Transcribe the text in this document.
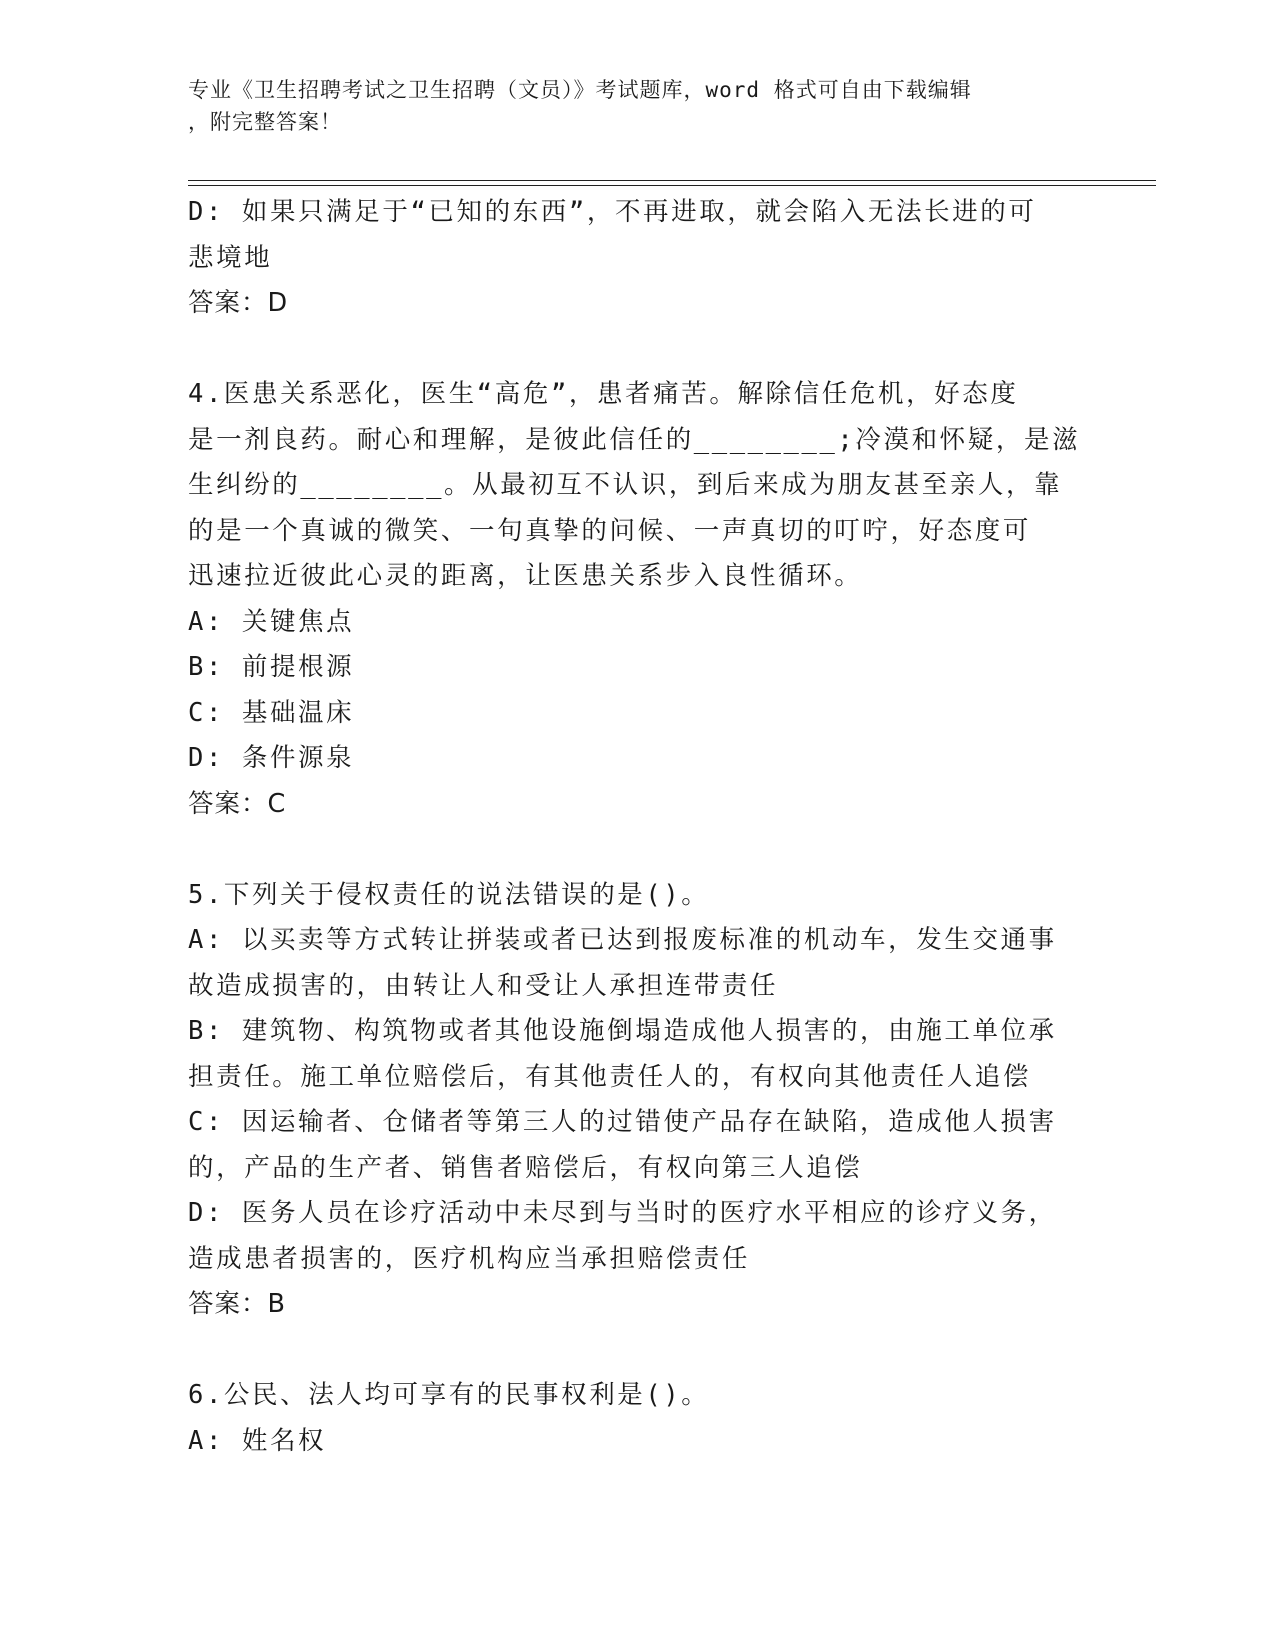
专业《卫生招聘考试之卫生招聘（文员）》考试题库，word 格式可自由下载编辑
，附完整答案！
D: 如果只满足于“已知的东西”，不再进取，就会陷入无法长进的可
悲境地
答案：D
4.医患关系恶化，医生“高危”，患者痛苦。解除信任危机，好态度
是一剂良药。耐心和理解，是彼此信任的________;冷漠和怀疑，是滋
生纠纷的________。从最初互不认识，到后来成为朋友甚至亲人，靠
的是一个真诚的微笑、一句真挚的问候、一声真切的叮咛，好态度可
迅速拉近彼此心灵的距离，让医患关系步入良性循环。
A: 关键焦点
B: 前提根源
C: 基础温床
D: 条件源泉
答案：C
5.下列关于侵权责任的说法错误的是()。
A: 以买卖等方式转让拼装或者已达到报废标准的机动车，发生交通事
故造成损害的，由转让人和受让人承担连带责任
B: 建筑物、构筑物或者其他设施倒塌造成他人损害的，由施工单位承
担责任。施工单位赔偿后，有其他责任人的，有权向其他责任人追偿
C: 因运输者、仓储者等第三人的过错使产品存在缺陷，造成他人损害
的，产品的生产者、销售者赔偿后，有权向第三人追偿
D: 医务人员在诊疗活动中未尽到与当时的医疗水平相应的诊疗义务，
造成患者损害的，医疗机构应当承担赔偿责任
答案：B
6.公民、法人均可享有的民事权利是()。
A: 姓名权
